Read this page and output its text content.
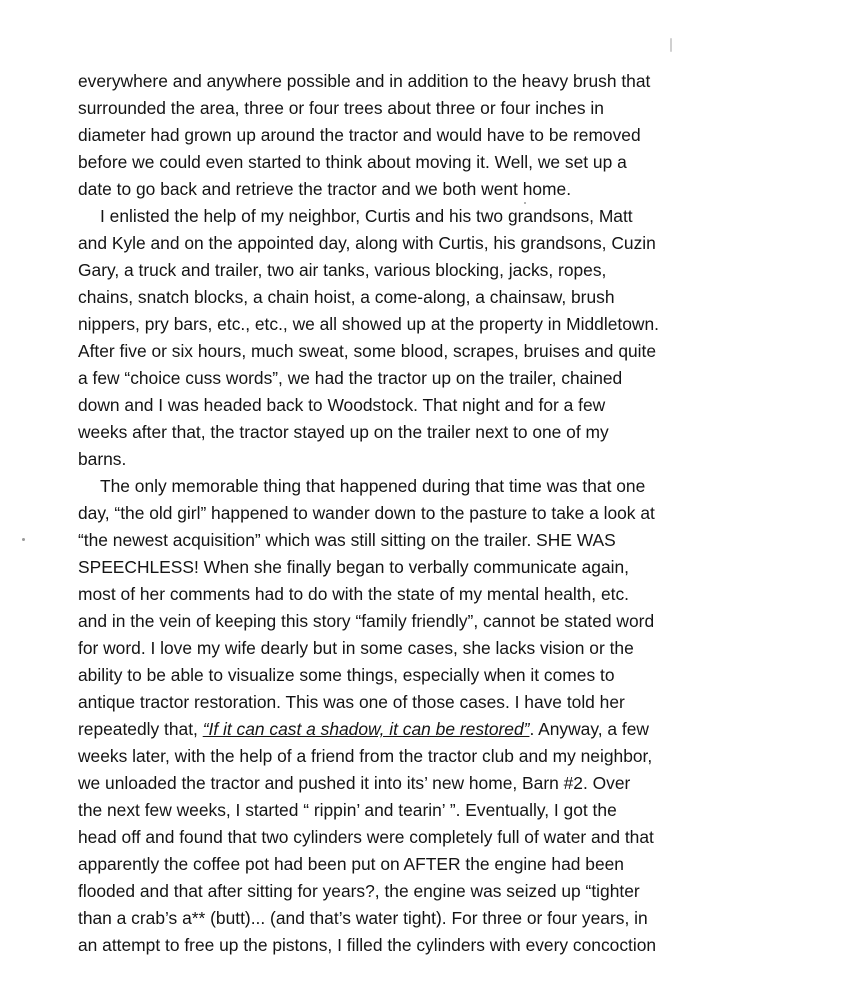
everywhere and anywhere possible and in addition to the heavy brush that
surrounded the area, three or four trees about three or four inches in
diameter had grown up around the tractor and would have to be removed
before we could even started to think about moving it. Well, we set up a
date to go back and retrieve the tractor and we both went home.
I enlisted the help of my neighbor, Curtis and his two grandsons, Matt
and Kyle and on the appointed day, along with Curtis, his grandsons, Cuzin
Gary, a truck and trailer, two air tanks, various blocking, jacks, ropes,
chains, snatch blocks, a chain hoist, a come-along, a chainsaw, brush
nippers, pry bars, etc., etc., we all showed up at the property in Middletown.
After five or six hours, much sweat, some blood, scrapes, bruises and quite
a few “choice cuss words”, we had the tractor up on the trailer, chained
down and I was headed back to Woodstock. That night and for a few
weeks after that, the tractor stayed up on the trailer next to one of my
barns.
The only memorable thing that happened during that time was that one
day, “the old girl” happened to wander down to the pasture to take a look at
“the newest acquisition” which was still sitting on the trailer. SHE WAS
SPEECHLESS! When she finally began to verbally communicate again,
most of her comments had to do with the state of my mental health, etc.
and in the vein of keeping this story “family friendly”, cannot be stated word
for word. I love my wife dearly but in some cases, she lacks vision or the
ability to be able to visualize some things, especially when it comes to
antique tractor restoration. This was one of those cases. I have told her
repeatedly that, “If it can cast a shadow, it can be restored”. Anyway, a few
weeks later, with the help of a friend from the tractor club and my neighbor,
we unloaded the tractor and pushed it into its’ new home, Barn #2. Over
the next few weeks, I started “ rippin’ and tearin’ ”. Eventually, I got the
head off and found that two cylinders were completely full of water and that
apparently the coffee pot had been put on AFTER the engine had been
flooded and that after sitting for years?, the engine was seized up “tighter
than a crab’s a** (butt)... (and that’s water tight). For three or four years, in
an attempt to free up the pistons, I filled the cylinders with every concoction
